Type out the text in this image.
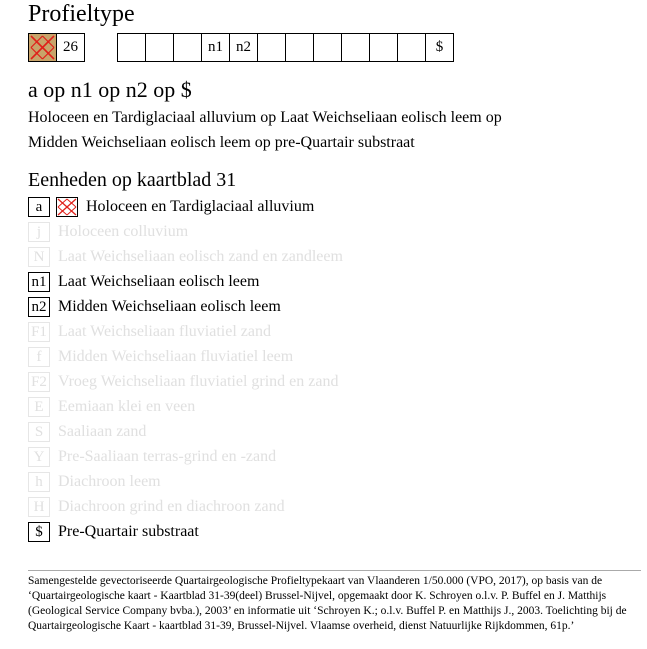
Profieltype
26	n1 n2	$
a op n1 op n2 op $
Holoceen en Tardiglaciaal alluvium op Laat Weichseliaan eolisch leem op
Midden Weichseliaan eolisch leem op pre-Quartair substraat
Eenheden op kaartblad 31
a	Holoceen en Tardiglaciaal alluvium
j	Holoceen colluvium
N Laat Weichseliaan eolisch zand en zandleem
n1 Laat Weichseliaan eolisch leem
n2 Midden Weichseliaan eolisch leem
F1 Laat Weichseliaan fluviatiel zand
f	Midden Weichseliaan fluviatiel leem
F2 Vroeg Weichseliaan fluviatiel grind en zand
E Eemiaan klei en veen
S Saaliaan zand
Y Pre-Saaliaan terras-grind en -zand
h Diachroon leem
H Diachroon grind en diachroon zand
$ Pre-Quartair substraat
Samengestelde gevectoriseerde Quartairgeologische Profieltypekaart van Vlaanderen 1/50.000 (VPO, 2017), op basis van de ‘Quartairgeologische kaart - Kaartblad 31-39(deel) Brussel-Nijvel, opgemaakt door K. Schroyen o.l.v. P. Buffel en J. Matthijs (Geological Service Company bvba.), 2003’ en informatie uit ‘Schroyen K.; o.l.v. Buffel P. en Matthijs J., 2003. Toelichting bij de Quartairgeologische Kaart - kaartblad 31-39, Brussel-Nijvel. Vlaamse overheid, dienst Natuurlijke Rijkdommen, 61p.’
